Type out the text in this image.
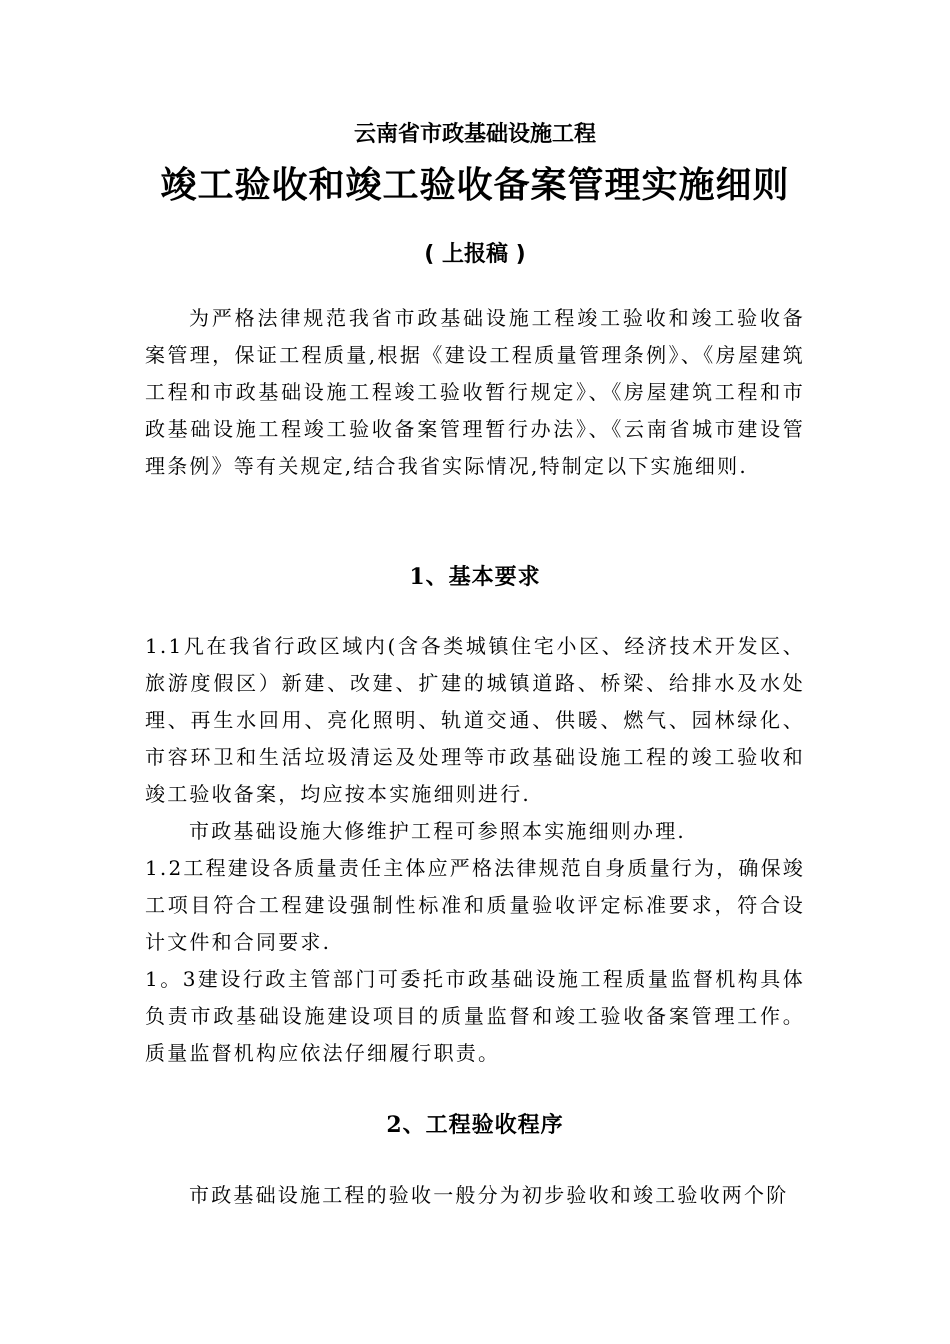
云南省市政基础设施工程
竣工验收和竣工验收备案管理实施细则
( 上报稿 )

为严格法律规范我省市政基础设施工程竣工验收和竣工验收备案管理，保证工程质量,根据《建设工程质量管理条例》、《房屋建筑工程和市政基础设施工程竣工验收暂行规定》、《房屋建筑工程和市政基础设施工程竣工验收备案管理暂行办法》、《云南省城市建设管理条例》等有关规定,结合我省实际情况,特制定以下实施细则.

1、基本要求

1.1凡在我省行政区域内(含各类城镇住宅小区、经济技术开发区、旅游度假区）新建、改建、扩建的城镇道路、桥梁、给排水及水处理、再生水回用、亮化照明、轨道交通、供暖、燃气、园林绿化、市容环卫和生活垃圾清运及处理等市政基础设施工程的竣工验收和竣工验收备案，均应按本实施细则进行.

市政基础设施大修维护工程可参照本实施细则办理.

1.2工程建设各质量责任主体应严格法律规范自身质量行为，确保竣工项目符合工程建设强制性标准和质量验收评定标准要求，符合设计文件和合同要求.

1。3建设行政主管部门可委托市政基础设施工程质量监督机构具体负责市政基础设施建设项目的质量监督和竣工验收备案管理工作。质量监督机构应依法仔细履行职责。

2、工程验收程序

市政基础设施工程的验收一般分为初步验收和竣工验收两个阶
